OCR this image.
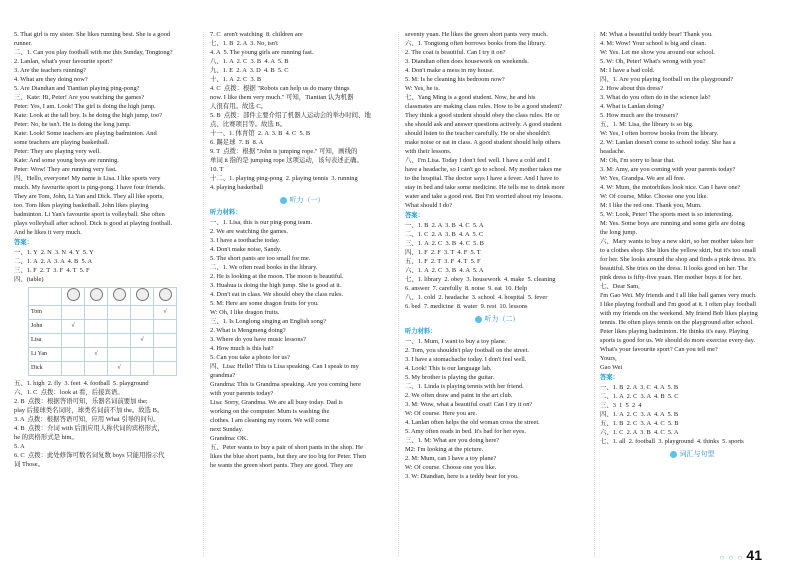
5. That girl is my sister. She likes running best. She is a good
runner.
二、1. Can you play football with me this Sunday, Tongtong?
2. Lanlan, what's your favourite sport?
3. Are the teachers running?
4. What are they doing now?
5. Are Diandian and Tiantian playing ping-pong?
三、Kate: Hi, Peter! Are you watching the games?
Peter: Yes, I am. Look! The girl is doing the high jump.
Kate: Look at the tall boy. Is he doing the high jump, too?
Peter: No, he isn't. He is doing the long jump.
Kate: Look! Some teachers are playing badminton. And
some teachers are playing basketball.
Peter: They are playing very well.
Kate: And some young boys are running.
Peter: Wow! They are running very fast.
四、Hello, everyone! My name is Lisa. I like sports very
much. My favourite sport is ping-pong. I have four friends.
They are Tom, John, Li Yan and Dick. They all like sports,
too. Tom likes playing basketball. John likes playing
badminton. Li Yan's favourite sport is volleyball. She often
plays volleyball after school. Dick is good at playing football.
And he likes it very much.
答案：
一、1. Y  2. N  3. N  4. Y  5. Y
二、1. A  2. A  3. A  4. B  5. A
三、1. F  2. T  3. F  4. T  5. F
四、(table)

Tom					√
John	√				
Lisa				√	
Li Yan		√			
Dick			√		
五、1. high  2. fly  3. feet  4. football  5. playground
六、1. C  点拨：look at 看，后接宾语。
2. B  点拨：根据答语可知，乐器名词前要加 the;
play 后接球类名词时，球类名词前不加 the。故选 B。
3. A  点拨：根据答语可知，应用 What 引导的问句。
4. B  点拨：介词 with 后面应用人称代词的宾格形式，
he 的宾格形式是 him。
5. A
6. C  点拨：此处修饰可数名词复数 boys 只能用指示代
词 Those。
7. C  aren't watching  8. children are
七、1. B  2. A  3. No, isn't
4. A  5. The young girls are running fast.
八、1. A  2. C  3. B  4. A  5. B
九、1. E  2. A  3. D  4. B  5. C
十、1. A  2. C  3. B
4. C  点拨：根据 "Robots can help us do many things
now. I like them very much." 可知，Tiantian 认为机器
人很有用。故选 C。
5. B  点拨：部件主要介绍了机器人运动会的举办时间、地
点、比赛项目等。故选 B。
十一、1. 体育馆  2. A  3. B  4. C  5. B
6. 踢足球  7. B  8. A
9. T  点拨：根据 "John is jumping rope." 可知，画线的
单词 it 指的是 jumping rope 这项运动，该句表述正确。
10. T
十二、1. playing ping-pong  2. playing tennis  3. running
4. playing basketball
听力（一）
听力材料：
一、1. Lisa, this is our ping-pong team.
2. We are watching the games.
3. I have a toothache today.
4. Don't make noise, Sandy.
5. The short pants are too small for me.
二、1. We often read books in the library.
2. He is looking at the moon. The moon is beautiful.
3. Huahua is doing the high jump. She is good at it.
4. Don't eat in class. We should obey the class rules.
5. M: Here are some dragon fruits for you.
W: Oh, I like dragon fruits.
三、1. Is Longlong singing an English song?
2. What is Mengmeng doing?
3. Where do you have music lessons?
4. How much is this hat?
5. Can you take a photo for us?
四、Lisa: Hello! This is Lisa speaking. Can I speak to my
grandma?
Grandma: This is Grandma speaking. Are you coming here
with your parents today?
Lisa: Sorry, Grandma. We are all busy today. Dad is
working on the computer. Mum is washing the
clothes. I am cleaning my room. We will come
next Sunday.
Grandma: OK.
五、Peter wants to buy a pair of short pants in the shop. He
likes the blue short pants, but they are too big for Peter. Then
he wants the green short pants. They are good. They are
seventy yuan. He likes the green short pants very much.
六、1. Tongtong often borrows books from the library.
2. The coat is beautiful. Can I try it on?
3. Diandian often does housework on weekends.
4. Don't make a mess in my house.
5. M: Is he cleaning his bedroom now?
W: Yes, he is.
七、Yang Ming is a good student. Now, he and his
classmates are making class rules. How to be a good student?
They think a good student should obey the class rules. He or
she should ask and answer questions actively. A good student
should listen to the teacher carefully. He or she shouldn't
make noise or eat in class. A good student should help others
with their lessons.
八、I'm Lisa. Today I don't feel well. I have a cold and I
have a headache, so I can't go to school. My mother takes me
to the hospital. The doctor says I have a fever. And I have to
stay in bed and take some medicine. He tells me to drink more
water and take a good rest. But I'm worried about my lessons.
What should I do?
答案：
一、1. B  2. A  3. B  4. C  5. A
二、1. C  2. A  3. B  4. A  5. C
三、1. A  2. C  3. B  4. C  5. B
四、1. F  2. F  3. T  4. F  5. T
五、1. F  2. T  3. F  4. T  5. F
六、1. A  2. C  3. B  4. A  5. A
七、1. library  2. obey  3. housework  4. make  5. cleaning
6. answer  7. carefully  8. noise  9. eat  10. Help
八、1. cold  2. headache  3. school  4. hospital  5. fever
6. bed  7. medicine  8. water  9. rest  10. lessons
听力（二）
听力材料：
一、1. Mum, I want to buy a toy plane.
2. Tom, you shouldn't play football on the street.
3. I have a stomachache today. I don't feel well.
4. Look! This is our language lab.
5. My brother is playing the guitar.
二、1. Linda is playing tennis with her friend.
2. We often draw and paint in the art club.
3. M: Wow, what a beautiful coat! Can I try it on?
W: Of course. Here you are.
4. Lanlan often helps the old woman cross the street.
5. Amy often reads in bed. It's bad for her eyes.
三、1. M: What are you doing here?
M2: I'm looking at the picture.
2. M: Mum, can I have a toy plane?
W: Of course. Choose one you like.
3. W: Diandian, here is a teddy bear for you.
M: What a beautiful teddy bear! Thank you.
4. M: Wow! Your school is big and clean.
W: Yes. Let me show you around our school.
5. W: Oh, Peter! What's wrong with you?
M: I have a bad cold.
四、1. Are you playing football on the playground?
2. How about this dress?
3. What do you often do in the science lab?
4. What is Lanlan doing?
5. How much are the trousers?
五、1. M: Lisa, the library is so big.
W: Yes, I often borrow books from the library.
2. W: Lanlan doesn't come to school today. She has a
headache.
M: Oh, I'm sorry to hear that.
3. M: Amy, are you coming with your parents today?
W: Yes, Grandpa. We are all free.
4. W: Mum, the motorbikes look nice. Can I have one?
W: Of course, Mike. Choose one you like.
M: I like the red one. Thank you, Mum.
5. W: Look, Peter! The sports meet is so interesting.
M: Yes. Some boys are running and some girls are doing
the long jump.
六、Mary wants to buy a new skirt, so her mother takes her
to a clothes shop. She likes the yellow skirt, but it's too small
for her. She looks around the shop and finds a pink dress. It's
beautiful. She tries on the dress. It looks good on her. The
pink dress is fifty-five yuan. Her mother buys it for her.
七、Dear Sam,
I'm Gao Wei. My friends and I all like ball games very much.
I like playing football and I'm good at it. I often play football
with my friends on the weekend. My friend Bob likes playing
tennis. He often plays tennis on the playground after school.
Peter likes playing badminton. He thinks it's easy. Playing
sports is good for us. We should do more exercise every day.
What's your favourite sport? Can you tell me?
Yours,
Gao Wei
答案：
一、1. B  2. A  3. C  4. A  5. B
二、1. A  2. C  3. A  4. B  5. C
三、3  1  5  2  4
四、1. A  2. C  3. A  4. A  5. B
五、1. B  2. C  3. A  4. C  5. B
六、1. C  2. A  3. B  4. C  5. A
七、1. all  2. football  3. playground  4. thinks  5. sports
词汇与句型
○ ○ ○ 41
